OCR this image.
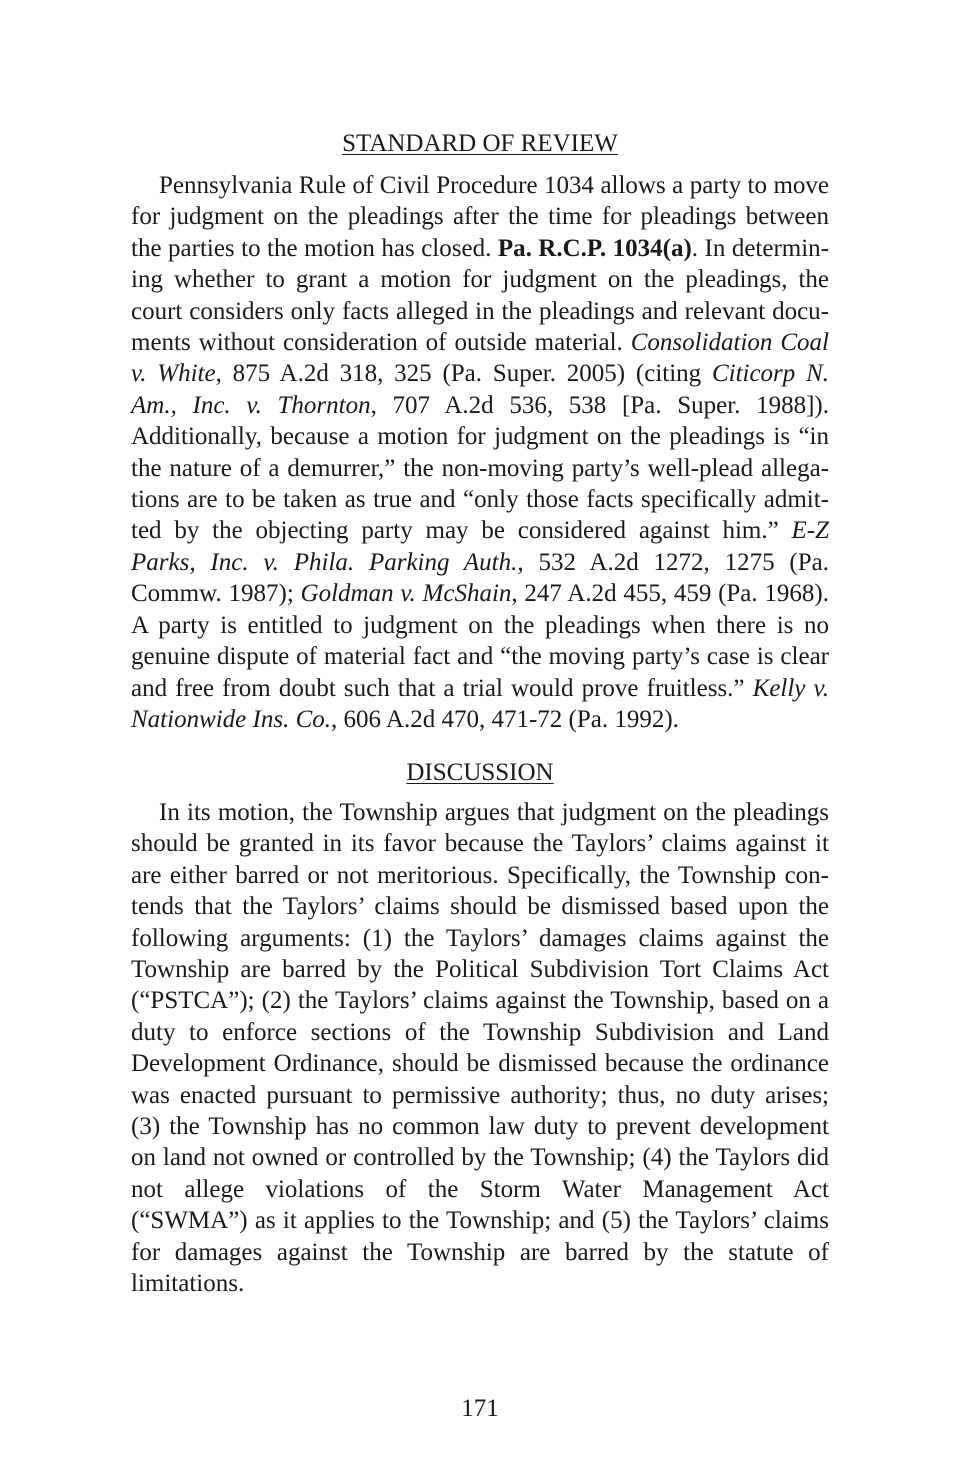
STANDARD OF REVIEW
Pennsylvania Rule of Civil Procedure 1034 allows a party to move for judgment on the pleadings after the time for pleadings between the parties to the motion has closed. Pa. R.C.P. 1034(a). In determining whether to grant a motion for judgment on the pleadings, the court considers only facts alleged in the pleadings and relevant documents without consideration of outside material. Consolidation Coal v. White, 875 A.2d 318, 325 (Pa. Super. 2005) (citing Citicorp N. Am., Inc. v. Thornton, 707 A.2d 536, 538 [Pa. Super. 1988]). Additionally, because a motion for judgment on the pleadings is “in the nature of a demurrer,” the non-moving party’s well-plead allegations are to be taken as true and “only those facts specifically admitted by the objecting party may be considered against him.” E-Z Parks, Inc. v. Phila. Parking Auth., 532 A.2d 1272, 1275 (Pa. Commw. 1987); Goldman v. McShain, 247 A.2d 455, 459 (Pa. 1968). A party is entitled to judgment on the pleadings when there is no genuine dispute of material fact and “the moving party’s case is clear and free from doubt such that a trial would prove fruitless.” Kelly v. Nationwide Ins. Co., 606 A.2d 470, 471-72 (Pa. 1992).
DISCUSSION
In its motion, the Township argues that judgment on the pleadings should be granted in its favor because the Taylors’ claims against it are either barred or not meritorious. Specifically, the Township contends that the Taylors’ claims should be dismissed based upon the following arguments: (1) the Taylors’ damages claims against the Township are barred by the Political Subdivision Tort Claims Act (“PSTCA”); (2) the Taylors’ claims against the Township, based on a duty to enforce sections of the Township Subdivision and Land Development Ordinance, should be dismissed because the ordinance was enacted pursuant to permissive authority; thus, no duty arises; (3) the Township has no common law duty to prevent development on land not owned or controlled by the Township; (4) the Taylors did not allege violations of the Storm Water Management Act (“SWMA”) as it applies to the Township; and (5) the Taylors’ claims for damages against the Township are barred by the statute of limitations.
171
